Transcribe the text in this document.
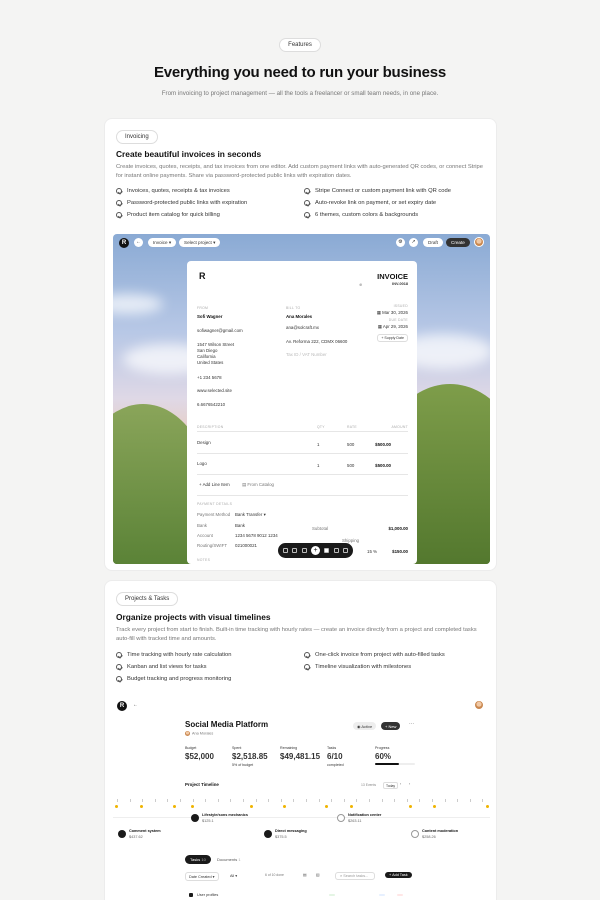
Features
Everything you need to run your business

From invoicing to project management — all the tools a freelancer or small team needs, in one place.

Invoicing
Create beautiful invoices in seconds
Create invoices, quotes, receipts, and tax invoices from one editor. Add custom payment links with auto-generated QR codes, or connect Stripe for instant online payments. Share via password-protected public links with expiration dates.
Invoices, quotes, receipts & tax invoices	Stripe Connect or custom payment link with QR code
Password-protected public links with expiration	Auto-revoke link on payment, or set expiry date
Product item catalog for quick billing	6 themes, custom colors & backgrounds
R	←	Invoice ▾	Select project ▾	⚙	↗	Draft	Create
R	INVOICE
INV-0018
⊕
FROM
Sofi Wagner
sofiwagner@gmail.com
1547 Wilson Street
San Diego
California
United States
+1 234 5678
www.selected.site
6.6676542210
BILL TO
Ana Morales
ana@solcraft.mx
Av. Reforma 222, CDMX 06600
Tax ID / VAT Number
ISSUED
▦ Mar 30, 2026
DUE DATE
▦ Apr 29, 2026
+ Supply Date
DESCRIPTION	QTY	RATE	AMOUNT
Design	1	500	$500.00
Logo	1	500	$500.00
+ Add Line Item	▤ From Catalog
PAYMENT DETAILS
Payment Method Bank Transfer ▾
Bank	Bank
Account	1234 5678 9012 1234
Routing/SWIFT 021000021
Subtotal	$1,000.00
Shipping
15 %	$150.00
NOTES
+
Projects & Tasks
Organize projects with visual timelines
Track every project from start to finish. Built-in time tracking with hourly rates — create an invoice directly from a project and completed tasks auto-fill with tracked time and amounts.
Time tracking with hourly rate calculation	One-click invoice from project with auto-filled tasks
Kanban and list views for tasks	Timeline visualization with milestones
Budget tracking and progress monitoring
R	←
Social Media Platform
Ana Morales
◉ Active	+ New	···
Budget
$52,000
Spent
$2,518.85
5% of budget
Remaining
$49,481.15
Tasks
6/10
completed
Progress
60%
Project Timeline	13 Events	Today	‹ ›
Lifestyle/sons mechanics
$125.1
Notification center
$263.11
Comment system
$437.62
Direct messaging
$375.5
Content moderation
$258.26
Tasks 10	Documents 1
Date Created ▾	All ▾	6 of 10 done	▤ ▥	⌕ Search tasks...	+ Add Task
User profiles
